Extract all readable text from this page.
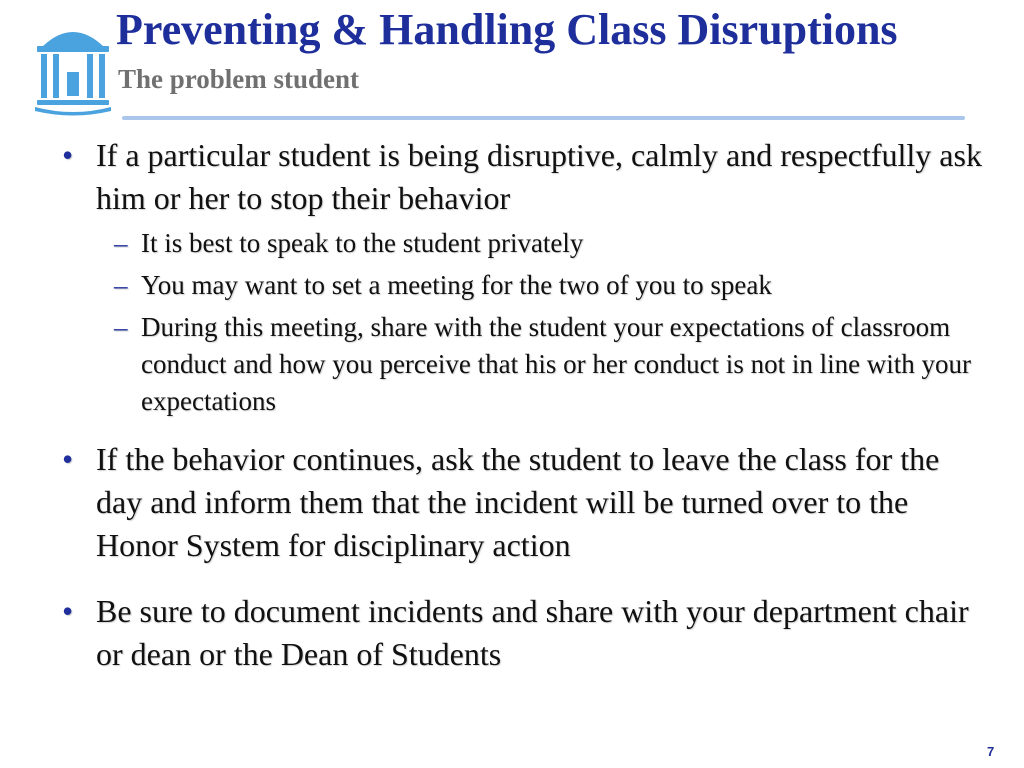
Preventing & Handling Class Disruptions
The problem student

• If a particular student is being disruptive, calmly and respectfully ask him or her to stop their behavior

– It is best to speak to the student privately

– You may want to set a meeting for the two of you to speak

– During this meeting, share with the student your expectations of classroom conduct and how you perceive that his or her conduct is not in line with your expectations

• If the behavior continues, ask the student to leave the class for the day and inform them that the incident will be turned over to the Honor System for disciplinary action

• Be sure to document incidents and share with your department chair or dean or the Dean of Students

7
